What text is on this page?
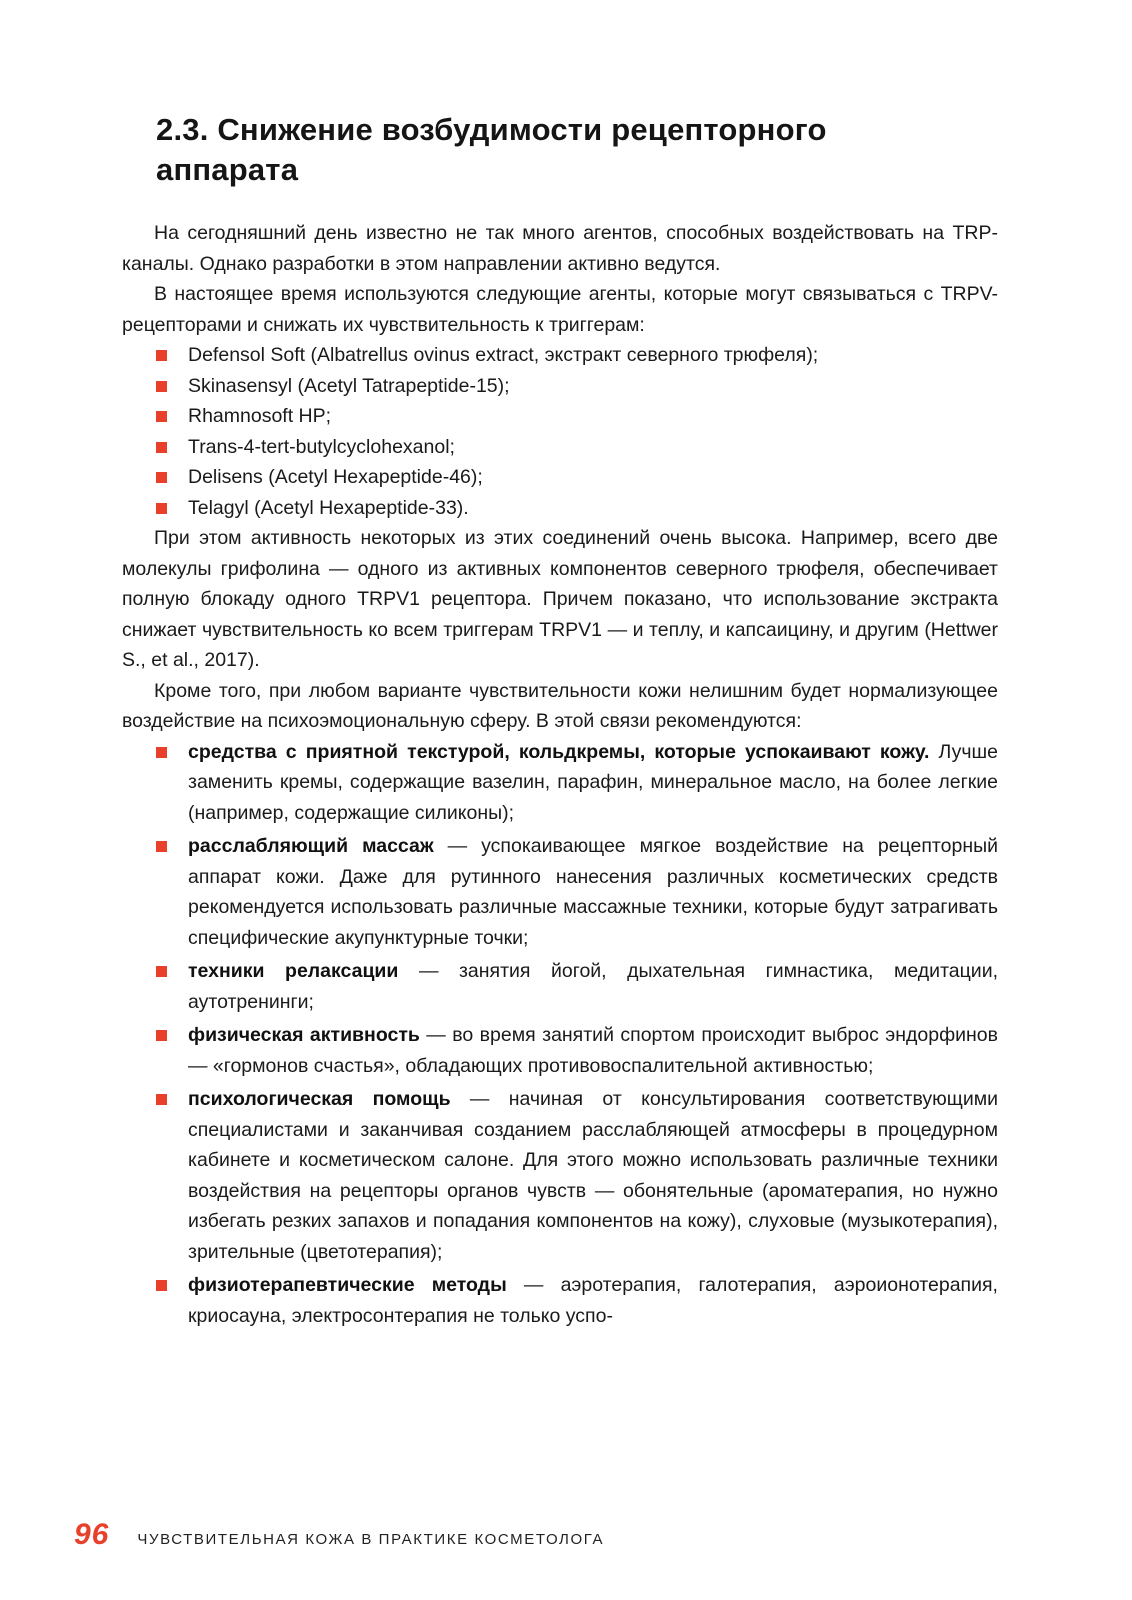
2.3. Снижение возбудимости рецепторного аппарата

На сегодняшний день известно не так много агентов, способных воздействовать на TRP-каналы. Однако разработки в этом направлении активно ведутся.

В настоящее время используются следующие агенты, которые могут связываться с TRPV-рецепторами и снижать их чувствительность к триггерам:

Defensol Soft (Albatrellus ovinus extract, экстракт северного трюфеля);
Skinasensyl (Acetyl Tatrapeptide-15);
Rhamnosoft HP;
Trans-4-tert-butylcyclohexanol;
Delisens (Acetyl Hexapeptide-46);
Telagyl (Acetyl Hexapeptide-33).

При этом активность некоторых из этих соединений очень высока. Например, всего две молекулы грифолина — одного из активных компонентов северного трюфеля, обеспечивает полную блокаду одного TRPV1 рецептора. Причем показано, что использование экстракта снижает чувствительность ко всем триггерам TRPV1 — и теплу, и капсаицину, и другим (Hettwer S., et al., 2017).

Кроме того, при любом варианте чувствительности кожи нелишним будет нормализующее воздействие на психоэмоциональную сферу. В этой связи рекомендуются:

средства с приятной текстурой, кольдкремы, которые успокаивают кожу. Лучше заменить кремы, содержащие вазелин, парафин, минеральное масло, на более легкие (например, содержащие силиконы);
расслабляющий массаж — успокаивающее мягкое воздействие на рецепторный аппарат кожи. Даже для рутинного нанесения различных косметических средств рекомендуется использовать различные массажные техники, которые будут затрагивать специфические акупунктурные точки;
техники релаксации — занятия йогой, дыхательная гимнастика, медитации, аутотренинги;
физическая активность — во время занятий спортом происходит выброс эндорфинов — «гормонов счастья», обладающих противовоспалительной активностью;
психологическая помощь — начиная от консультирования соответствующими специалистами и заканчивая созданием расслабляющей атмосферы в процедурном кабинете и косметическом салоне. Для этого можно использовать различные техники воздействия на рецепторы органов чувств — обонятельные (ароматерапия, но нужно избегать резких запахов и попадания компонентов на кожу), слуховые (музыкотерапия), зрительные (цветотерапия);
физиотерапевтические методы — аэротерапия, галотерапия, аэроионотерапия, криосауна, электросонтерапия не только успо-
96 ЧУВСТВИТЕЛЬНАЯ КОЖА В ПРАКТИКЕ КОСМЕТОЛОГА
